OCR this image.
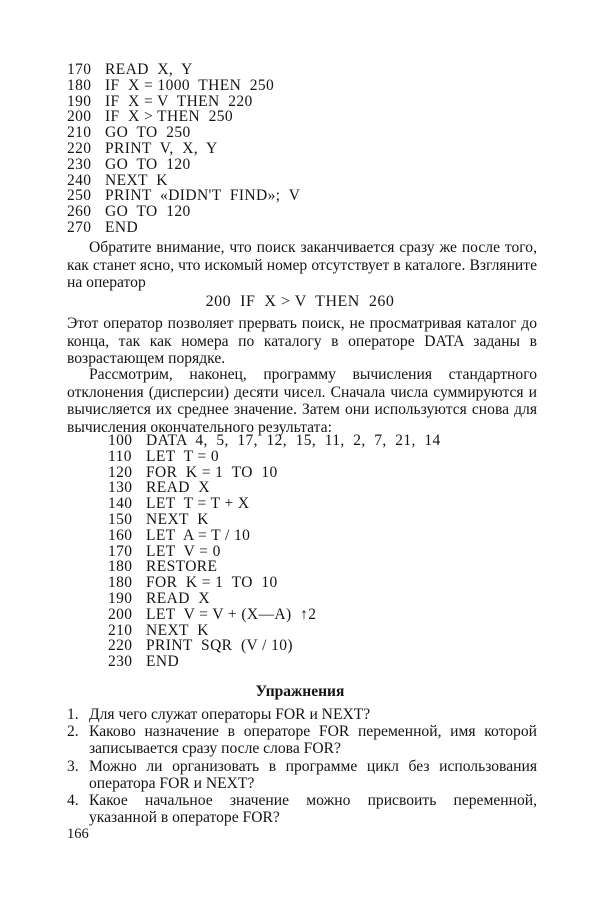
170 READ  X,  Y
180 IF  X = 1000  THEN  250
190 IF  X = V  THEN  220
200 IF  X > THEN  250
210 GO  TO  250
220 PRINT  V,  X,  Y
230 GO  TO  120
240 NEXT  K
250 PRINT  «DIDN'T  FIND»;  V
260 GO  TO  120
270 END

Обратите внимание, что поиск заканчивается сразу же после того, как станет ясно, что искомый номер отсутствует в каталоге. Взгляните на оператор

200  IF  X > V  THEN  260

Этот оператор позволяет прервать поиск, не просматривая каталог до конца, так как номера по каталогу в операторе DATA заданы в возрастающем порядке.

Рассмотрим, наконец, программу вычисления стандартного отклонения (дисперсии) десяти чисел. Сначала числа суммируются и вычисляется их среднее значение. Затем они используются снова для вычисления окончательного результата:

100 DATA  4,  5,  17,  12,  15,  11,  2,  7,  21,  14
110 LET  T = 0
120 FOR  K = 1  TO  10
130 READ  X
140 LET  T = T + X
150 NEXT  K
160 LET  A = T / 10
170 LET  V = 0
180 RESTORE
180 FOR  K = 1  TO  10
190 READ  X
200 LET  V = V + (X—A)  ↑2
210 NEXT  K
220 PRINT  SQR  (V / 10)
230 END
Упражнения
1. Для чего служат операторы FOR и NEXT?
2. Каково назначение в операторе FOR переменной, имя которой записывается сразу после слова FOR?
3. Можно ли организовать в программе цикл без использования оператора FOR и NEXT?
4. Какое начальное значение можно присвоить переменной, указанной в операторе FOR?
166
